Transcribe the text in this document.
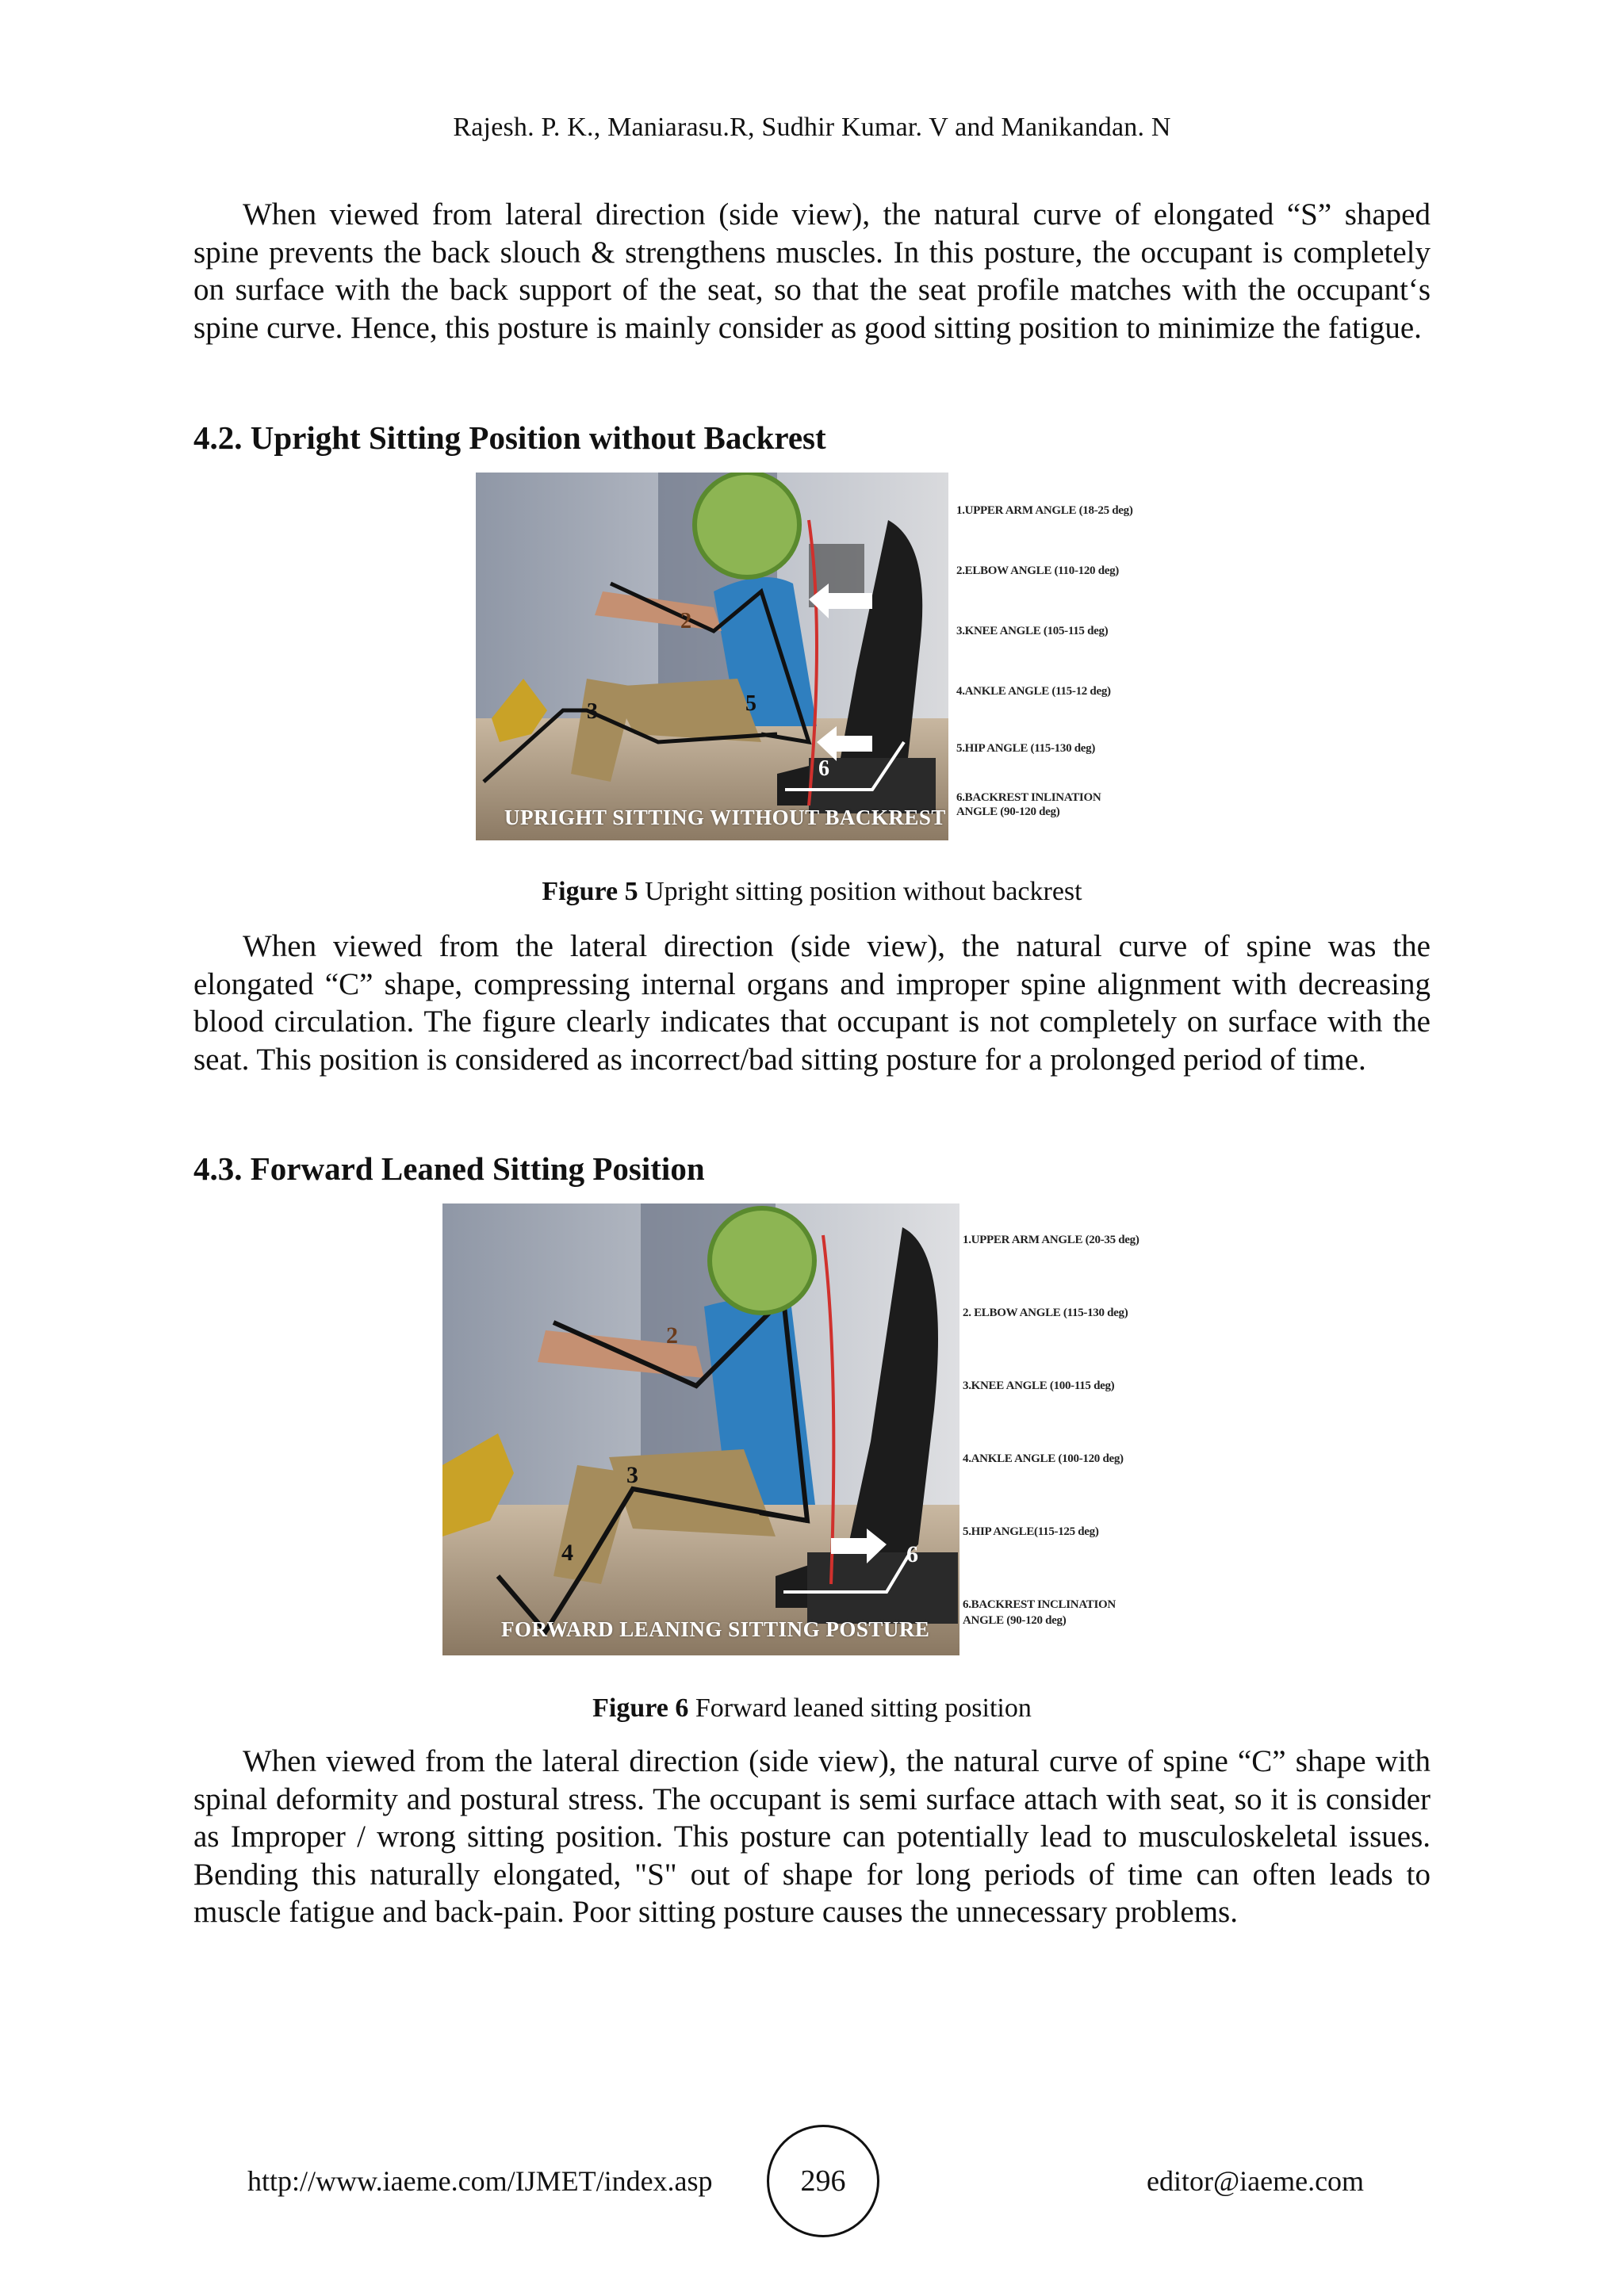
Rajesh. P. K., Maniarasu.R, Sudhir Kumar. V and Manikandan. N
When viewed from lateral direction (side view), the natural curve of elongated “S” shaped spine prevents the back slouch & strengthens muscles. In this posture, the occupant is completely on surface with the back support of the seat, so that the seat profile matches with the occupant‘s spine curve. Hence, this posture is mainly consider as good sitting position to minimize the fatigue.
4.2. Upright Sitting Position without Backrest
2
3	5
6
UPRIGHT SITTING WITHOUT BACKREST
1.UPPER ARM ANGLE (18-25 deg)
2.ELBOW ANGLE (110-120 deg)
3.KNEE ANGLE (105-115 deg)
4.ANKLE ANGLE (115-12 deg)
5.HIP ANGLE (115-130 deg)
6.BACKREST INLINATION
ANGLE (90-120 deg)
Figure 5 Upright sitting position without backrest
When viewed from the lateral direction (side view), the natural curve of spine was the elongated “C” shape, compressing internal organs and improper spine alignment with decreasing blood circulation. The figure clearly indicates that occupant is not completely on surface with the seat. This position is considered as incorrect/bad sitting posture for a prolonged period of time.
4.3. Forward Leaned Sitting Position
2
3
4	6
FORWARD LEANING SITTING POSTURE
1.UPPER ARM ANGLE (20-35 deg)
2. ELBOW ANGLE (115-130 deg)
3.KNEE ANGLE (100-115 deg)
4.ANKLE ANGLE (100-120 deg)
5.HIP ANGLE(115-125 deg)
6.BACKREST INCLINATION
ANGLE (90-120 deg)
Figure 6 Forward leaned sitting position
When viewed from the lateral direction (side view), the natural curve of spine “C” shape with spinal deformity and postural stress. The occupant is semi surface attach with seat, so it is consider as Improper / wrong sitting position. This posture can potentially lead to musculoskeletal issues. Bending this naturally elongated, "S" out of shape for long periods of time can often leads to muscle fatigue and back-pain. Poor sitting posture causes the unnecessary problems.
http://www.iaeme.com/IJMET/index.asp	296	editor@iaeme.com
